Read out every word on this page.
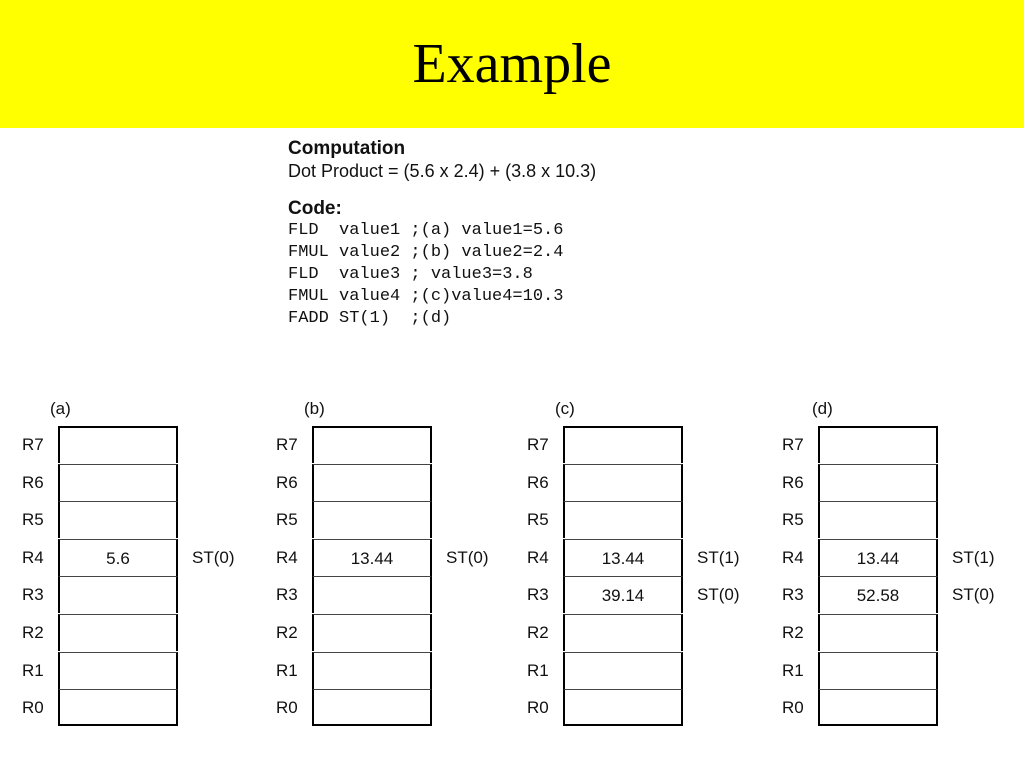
Example
Computation
Dot Product = (5.6 x 2.4) + (3.8 x 10.3)
Code:
FLD  value1 ;(a) value1=5.6
FMUL value2 ;(b) value2=2.4
FLD  value3 ; value3=3.8
FMUL value4 ;(c)value4=10.3
FADD ST(1)  ;(d)
(a)
R7
R6
R5
R4	5.6	ST(0)
R3
R2
R1
R0
(b)
R7
R6
R5
R4	13.44	ST(0)
R3
R2
R1
R0
(c)
R7
R6
R5
R4	13.44	ST(1)
R3	39.14	ST(0)
R2
R1
R0
(d)
R7
R6
R5
R4	13.44	ST(1)
R3	52.58	ST(0)
R2
R1
R0
